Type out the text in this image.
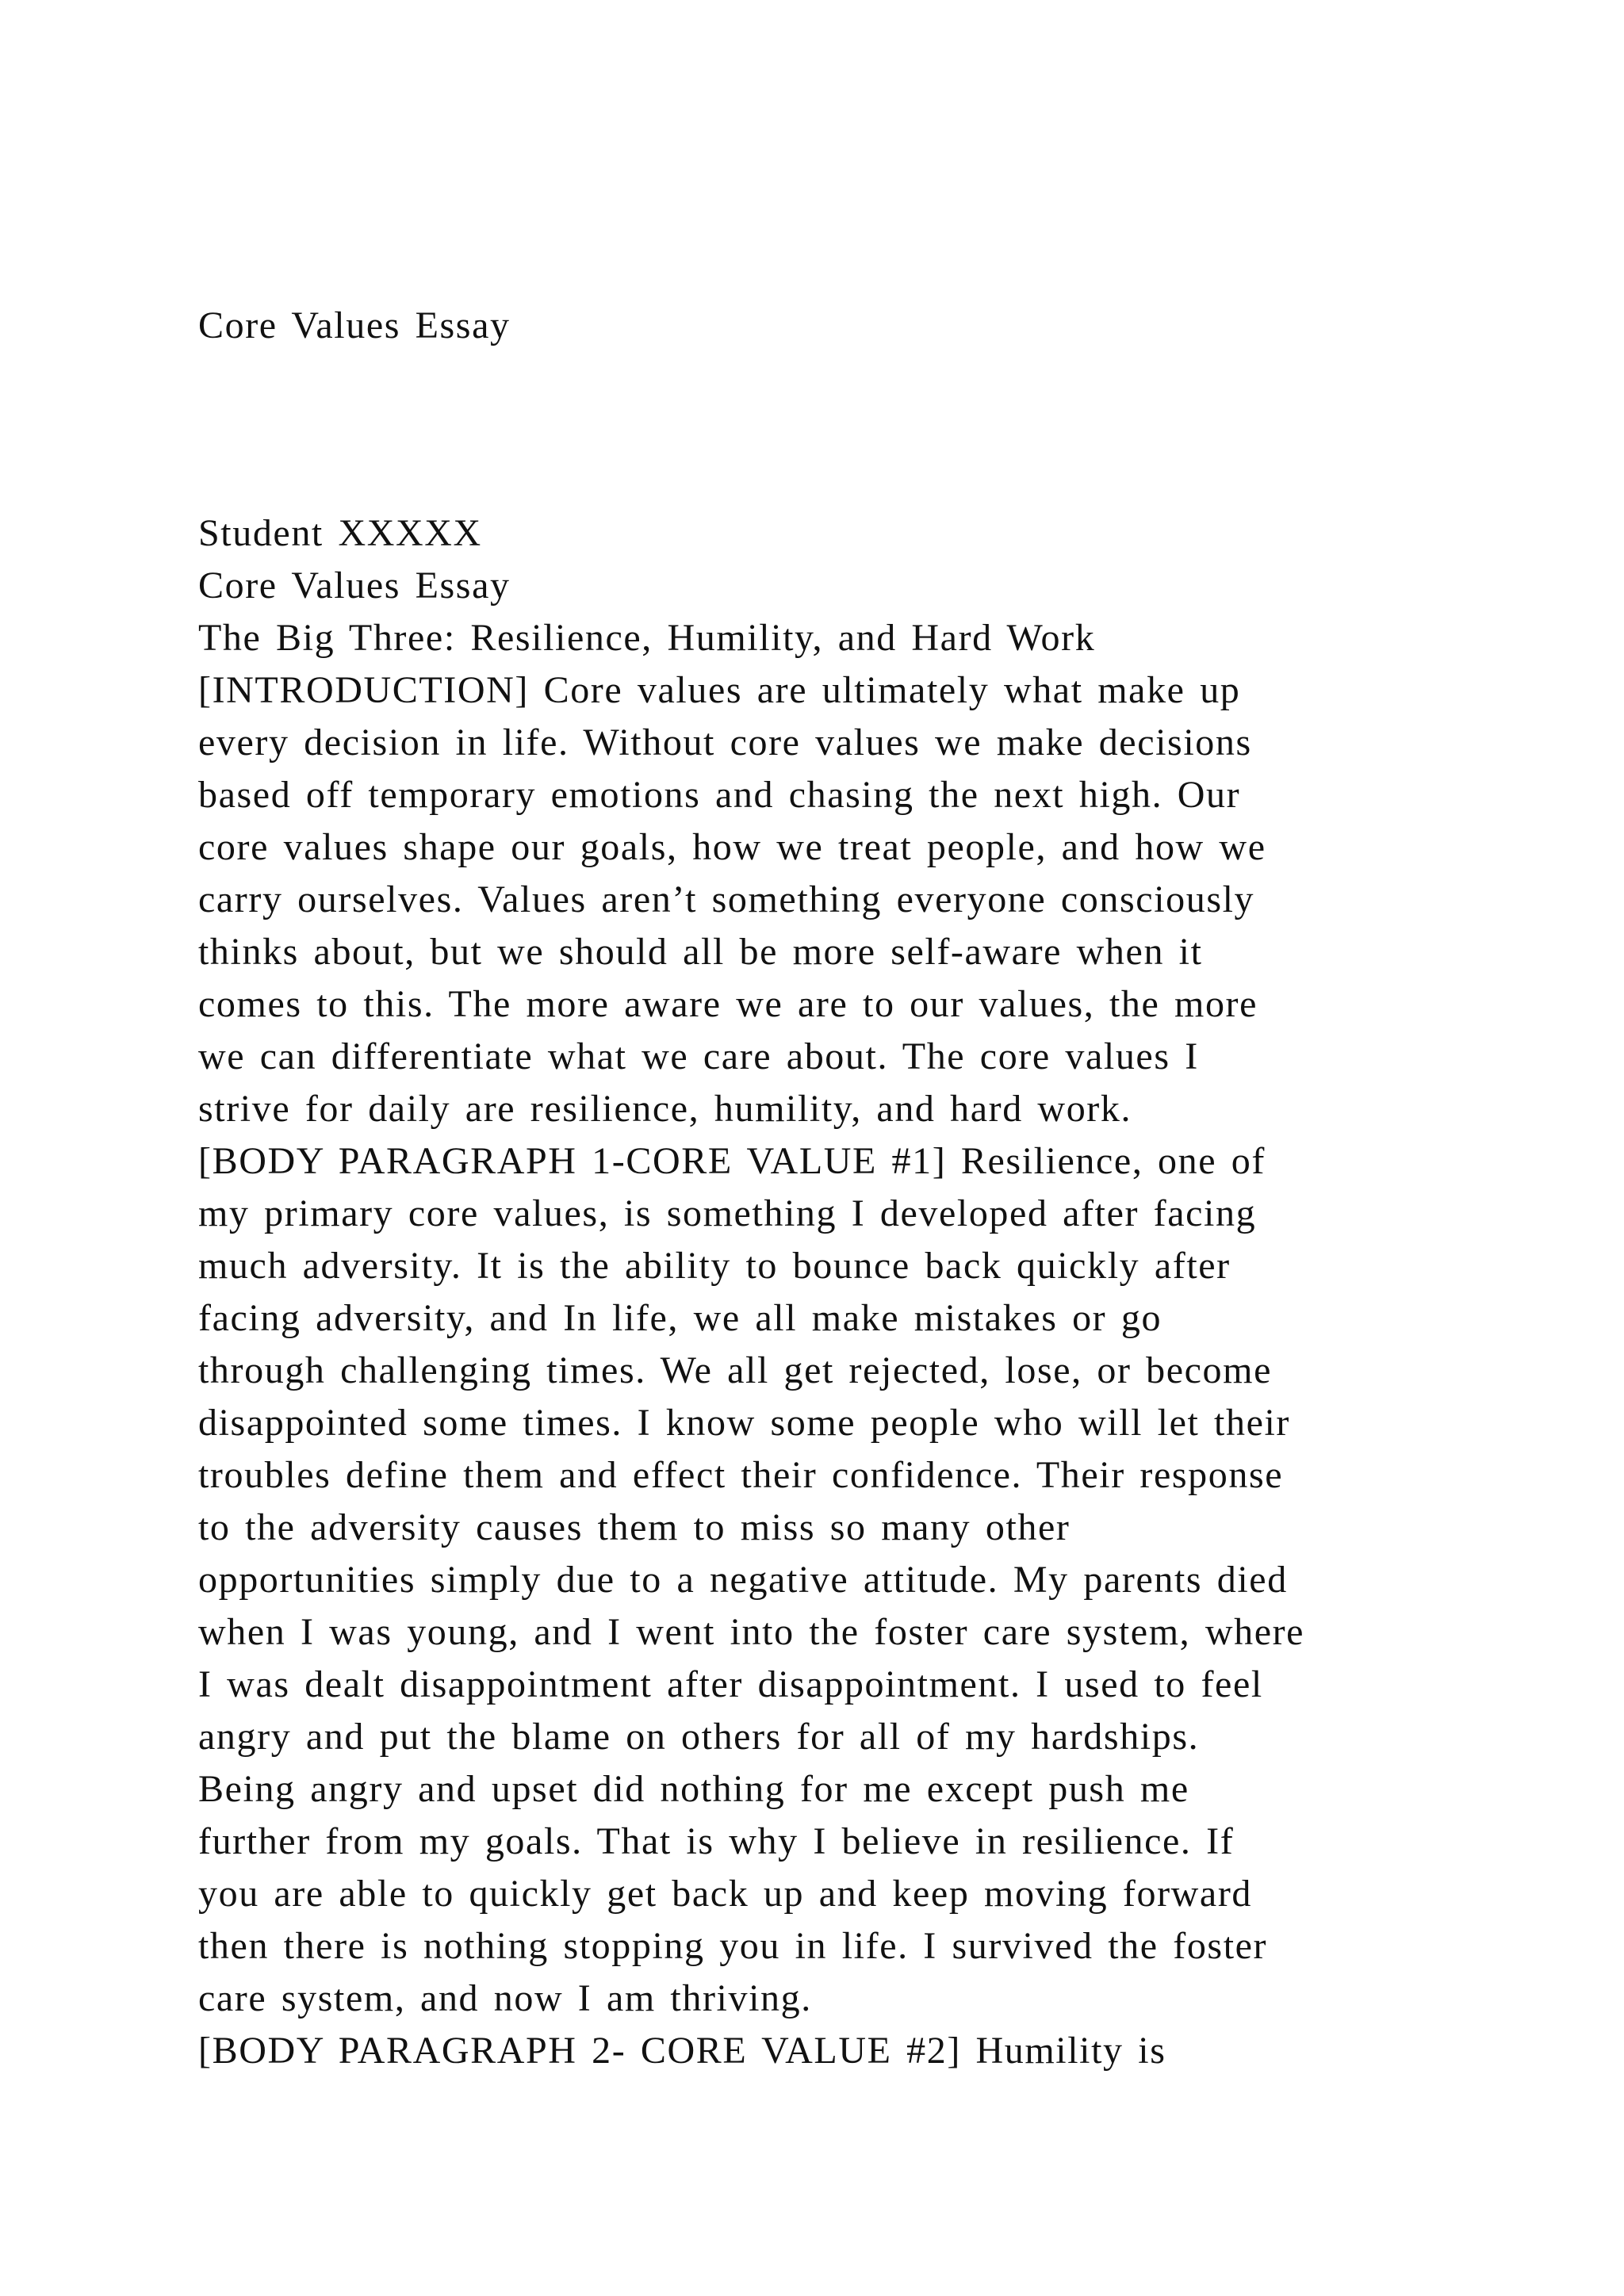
Core Values Essay
Student XXXXX
Core Values Essay
The Big Three: Resilience, Humility, and Hard Work
[INTRODUCTION] Core values are ultimately what make up
every decision in life. Without core values we make decisions
based off temporary emotions and chasing the next high. Our
core values shape our goals, how we treat people, and how we
carry ourselves. Values aren’t something everyone consciously
thinks about, but we should all be more self-aware when it
comes to this. The more aware we are to our values, the more
we can differentiate what we care about. The core values I
strive for daily are resilience, humility, and hard work.
[BODY PARAGRAPH 1-CORE VALUE #1] Resilience, one of
my primary core values, is something I developed after facing
much adversity. It is the ability to bounce back quickly after
facing adversity, and In life, we all make mistakes or go
through challenging times. We all get rejected, lose, or become
disappointed some times. I know some people who will let their
troubles define them and effect their confidence. Their response
to the adversity causes them to miss so many other
opportunities simply due to a negative attitude. My parents died
when I was young, and I went into the foster care system, where
I was dealt disappointment after disappointment. I used to feel
angry and put the blame on others for all of my hardships.
Being angry and upset did nothing for me except push me
further from my goals. That is why I believe in resilience. If
you are able to quickly get back up and keep moving forward
then there is nothing stopping you in life. I survived the foster
care system, and now I am thriving.
[BODY PARAGRAPH 2- CORE VALUE #2] Humility is
